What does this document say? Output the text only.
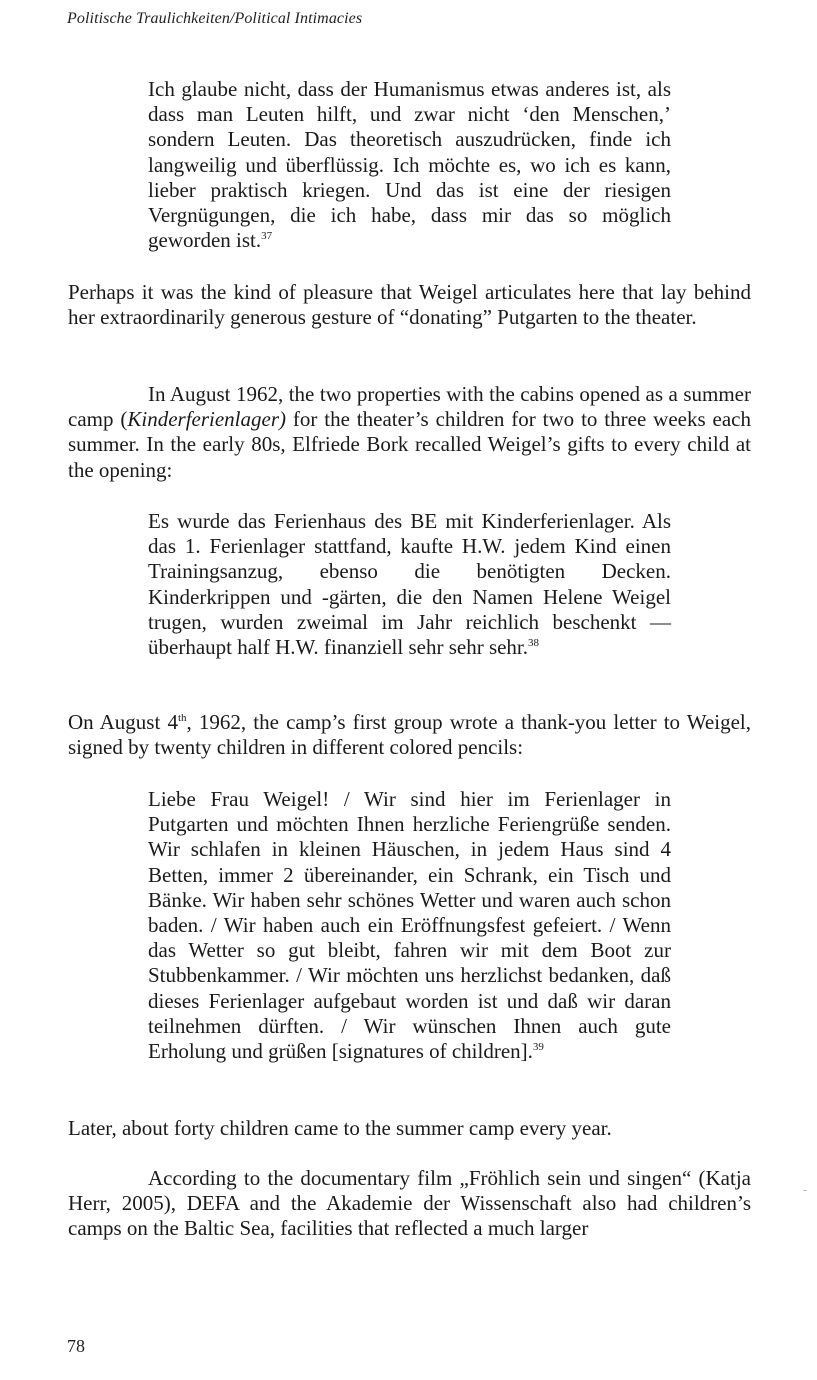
Politische Traulichkeiten/Political Intimacies

Ich glaube nicht, dass der Humanismus etwas anderes ist, als dass man Leuten hilft, und zwar nicht ‘den Menschen,’ sondern Leuten. Das theoretisch auszudrücken, finde ich langweilig und überflüssig. Ich möchte es, wo ich es kann, lieber praktisch kriegen. Und das ist eine der riesigen Vergnügungen, die ich habe, dass mir das so möglich geworden ist.$^{37}$

Perhaps it was the kind of pleasure that Weigel articulates here that lay behind her extraordinarily generous gesture of “donating” Putgarten to the theater.

In August 1962, the two properties with the cabins opened as a summer camp (Kinderferienlager) for the theater’s children for two to three weeks each summer. In the early 80s, Elfriede Bork recalled Weigel’s gifts to every child at the opening:

Es wurde das Ferienhaus des BE mit Kinderferienlager. Als das 1. Ferienlager stattfand, kaufte H.W. jedem Kind einen Trainingsanzug, ebenso die benötigten Decken. Kinderkrippen und -gärten, die den Namen Helene Weigel trugen, wurden zweimal im Jahr reichlich beschenkt — überhaupt half H.W. finanziell sehr sehr sehr.$^{38}$

On August 4th, 1962, the camp’s first group wrote a thank-you letter to Weigel, signed by twenty children in different colored pencils:

Liebe Frau Weigel! / Wir sind hier im Ferienlager in Putgarten und möchten Ihnen herzliche Feriengrüße senden. Wir schlafen in kleinen Häuschen, in jedem Haus sind 4 Betten, immer 2 übereinander, ein Schrank, ein Tisch und Bänke. Wir haben sehr schönes Wetter und waren auch schon baden. / Wir haben auch ein Eröffnungsfest gefeiert. / Wenn das Wetter so gut bleibt, fahren wir mit dem Boot zur Stubbenkammer. / Wir möchten uns herzlichst bedanken, daß dieses Ferienlager aufgebaut worden ist und daß wir daran teilnehmen dürften. / Wir wünschen Ihnen auch gute Erholung und grüßen [signatures of children].$^{39}$

Later, about forty children came to the summer camp every year.

According to the documentary film „Fröhlich sein und singen“ (Katja Herr, 2005), DEFA and the Akademie der Wissenschaft also had children’s camps on the Baltic Sea, facilities that reflected a much larger

78
